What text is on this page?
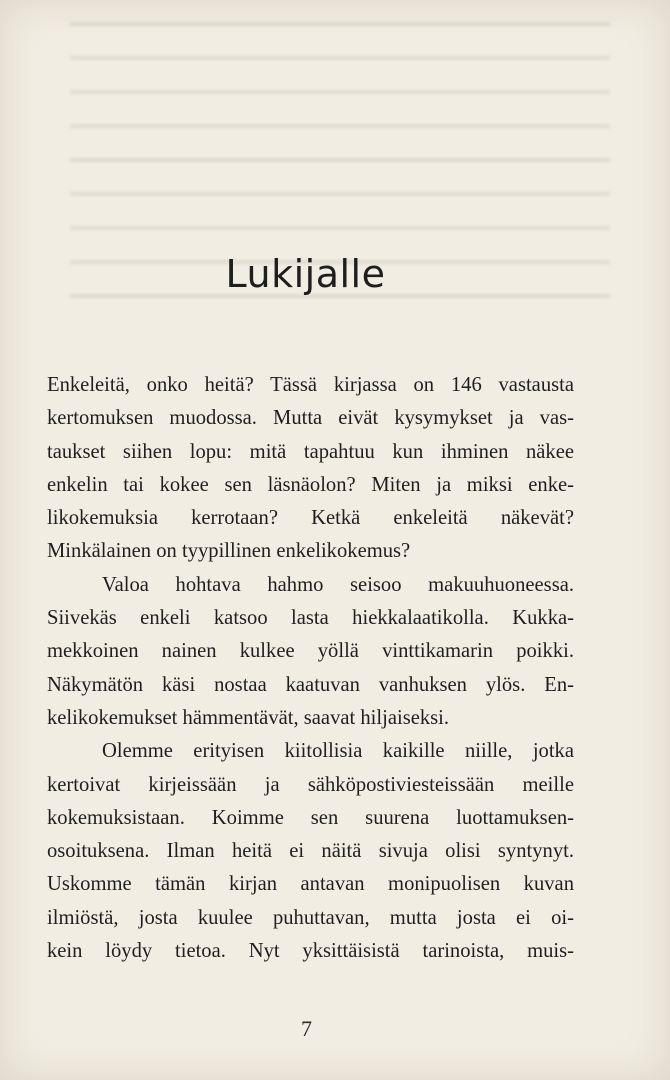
Lukijalle
Enkeleitä, onko heitä? Tässä kirjassa on 146 vastausta
kertomuksen muodossa. Mutta eivät kysymykset ja vas-
taukset siihen lopu: mitä tapahtuu kun ihminen näkee
enkelin tai kokee sen läsnäolon? Miten ja miksi enke-
likokemuksia kerrotaan? Ketkä enkeleitä näkevät?
Minkälainen on tyypillinen enkelikokemus?
Valoa hohtava hahmo seisoo makuuhuoneessa.
Siivekäs enkeli katsoo lasta hiekkalaatikolla. Kukka-
mekkoinen nainen kulkee yöllä vinttikamarin poikki.
Näkymätön käsi nostaa kaatuvan vanhuksen ylös. En-
kelikokemukset hämmentävät, saavat hiljaiseksi.
Olemme erityisen kiitollisia kaikille niille, jotka
kertoivat kirjeissään ja sähköpostiviesteissään meille
kokemuksistaan. Koimme sen suurena luottamuksen-
osoituksena. Ilman heitä ei näitä sivuja olisi syntynyt.
Uskomme tämän kirjan antavan monipuolisen kuvan
ilmiöstä, josta kuulee puhuttavan, mutta josta ei oi-
kein löydy tietoa. Nyt yksittäisistä tarinoista, muis-
7
